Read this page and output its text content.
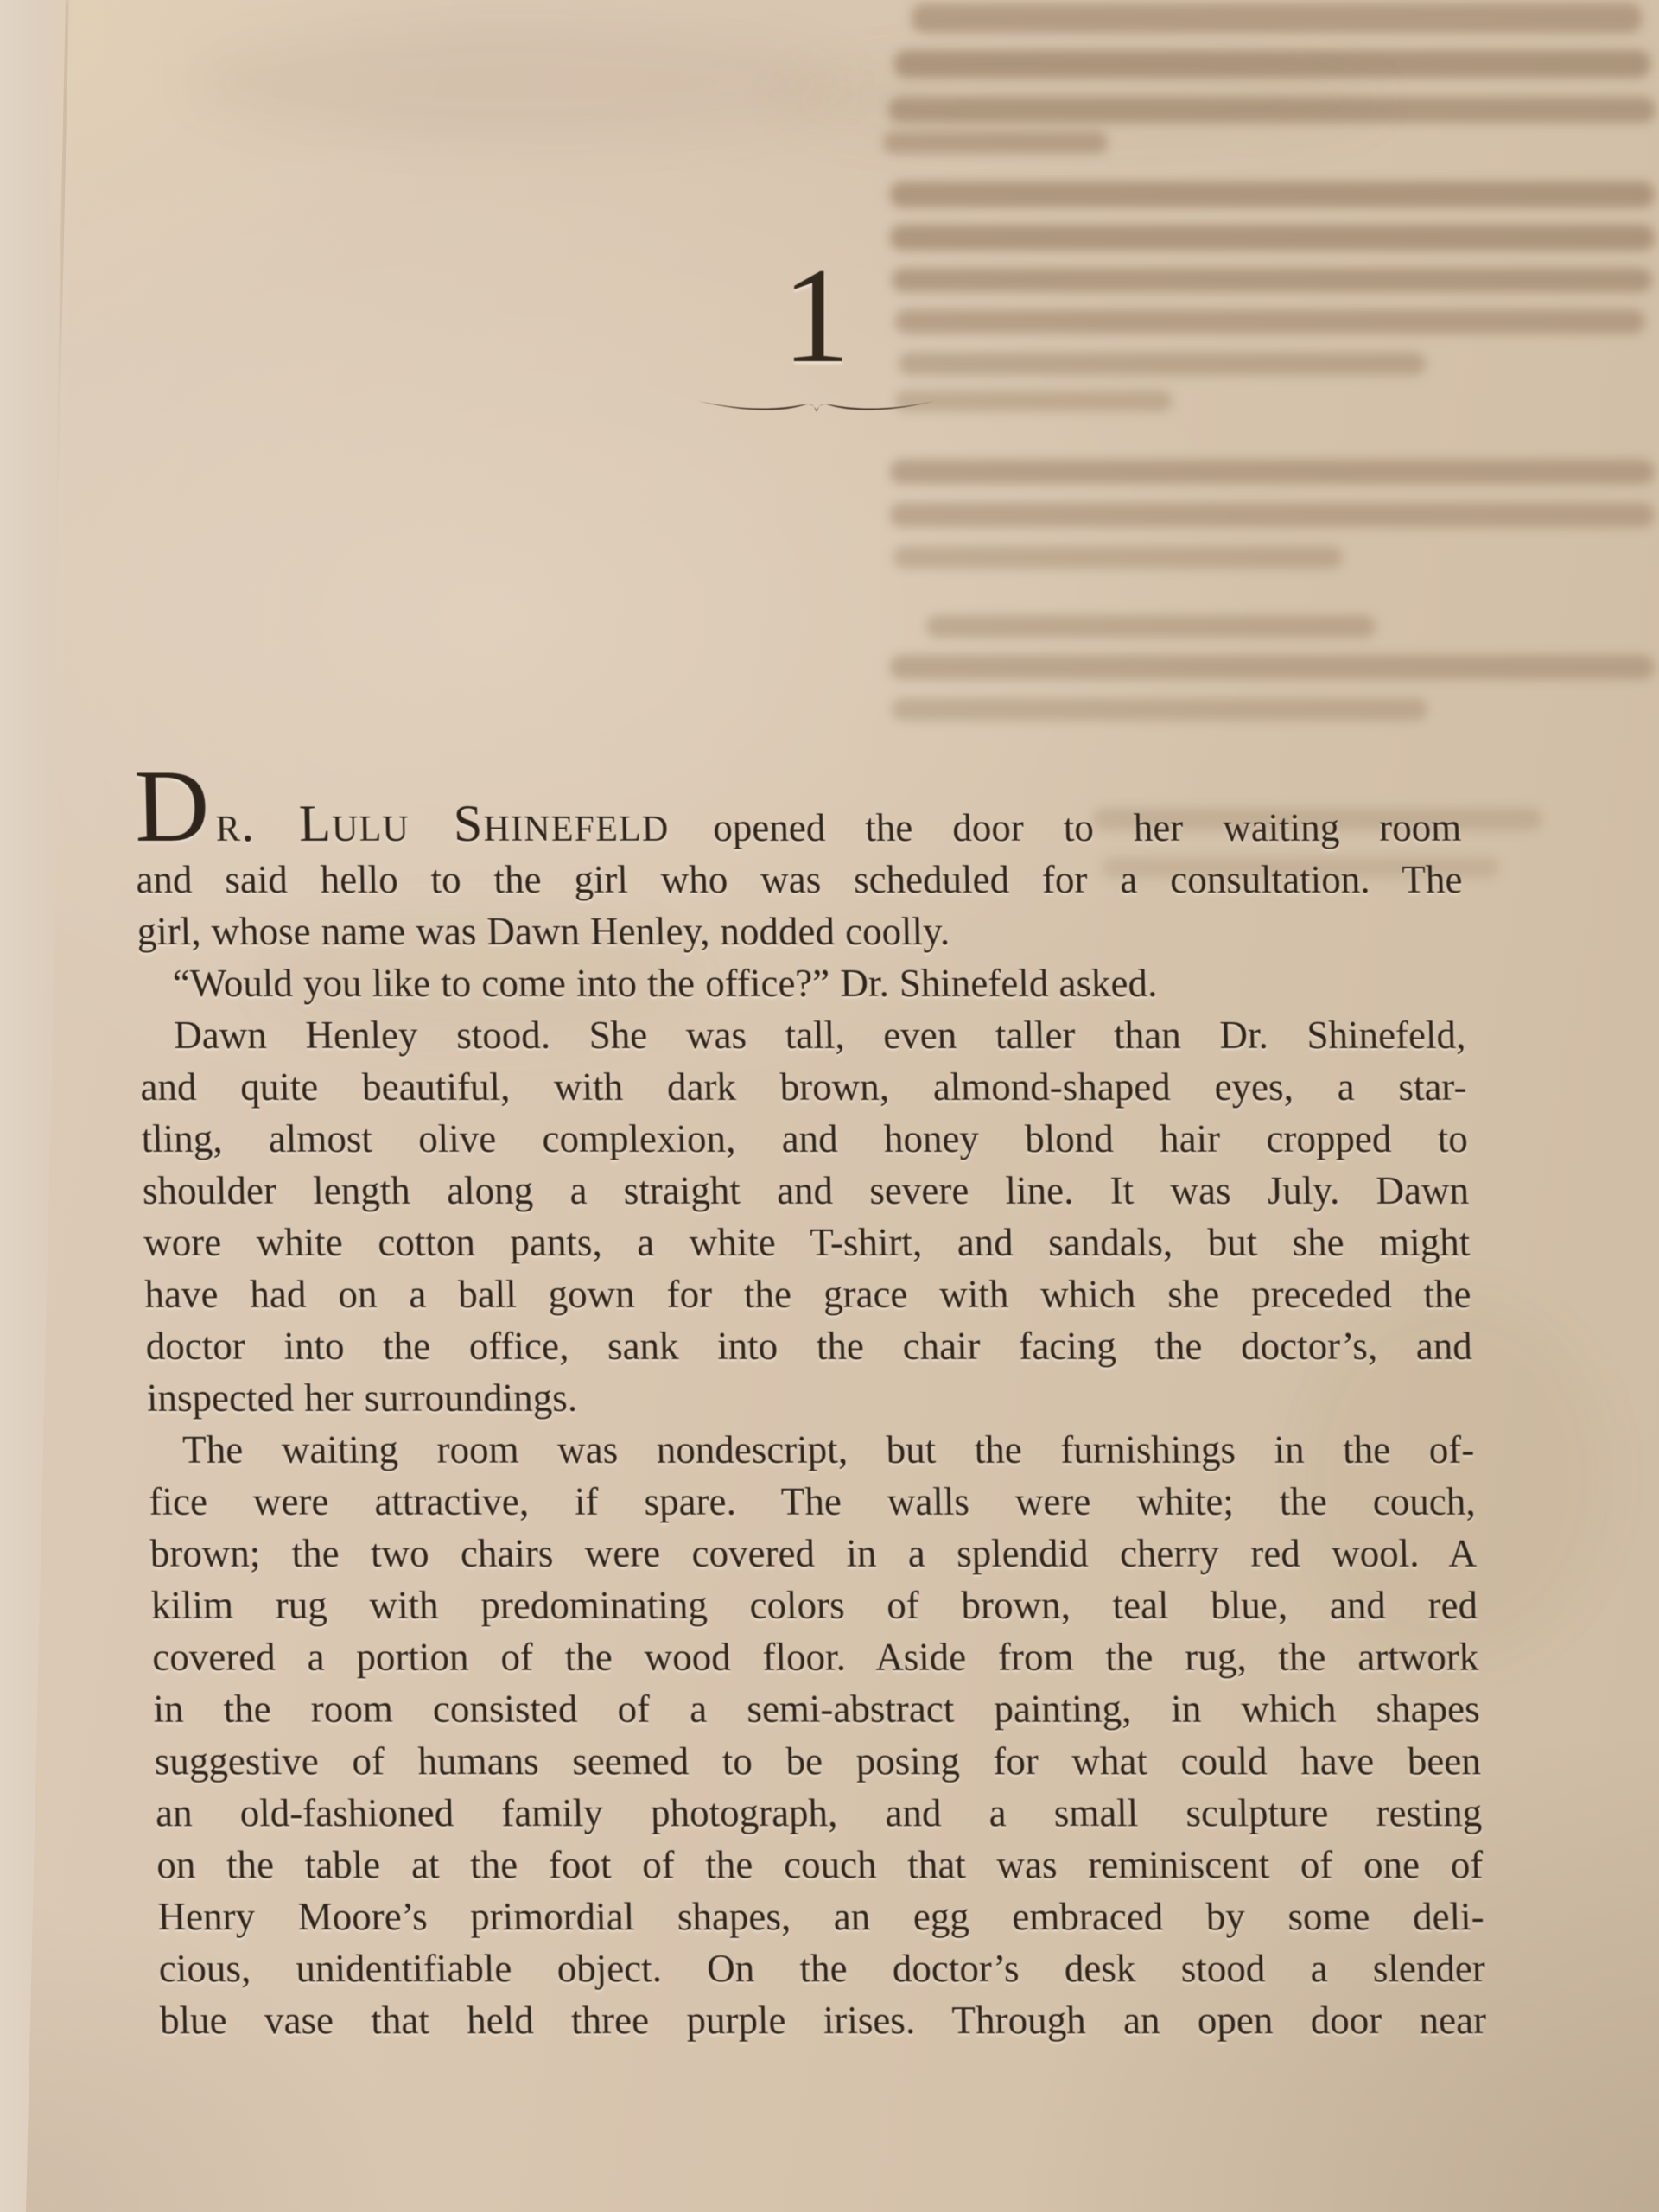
1
Dr. Lulu Shinefeld opened the door to her waiting room
and said hello to the girl who was scheduled for a consultation. The
girl, whose name was Dawn Henley, nodded coolly.
“Would you like to come into the office?” Dr. Shinefeld asked.
Dawn Henley stood. She was tall, even taller than Dr. Shinefeld,
and quite beautiful, with dark brown, almond-shaped eyes, a star-
tling, almost olive complexion, and honey blond hair cropped to
shoulder length along a straight and severe line. It was July. Dawn
wore white cotton pants, a white T-shirt, and sandals, but she might
have had on a ball gown for the grace with which she preceded the
doctor into the office, sank into the chair facing the doctor’s, and
inspected her surroundings.
The waiting room was nondescript, but the furnishings in the of-
fice were attractive, if spare. The walls were white; the couch,
brown; the two chairs were covered in a splendid cherry red wool. A
kilim rug with predominating colors of brown, teal blue, and red
covered a portion of the wood floor. Aside from the rug, the artwork
in the room consisted of a semi-abstract painting, in which shapes
suggestive of humans seemed to be posing for what could have been
an old-fashioned family photograph, and a small sculpture resting
on the table at the foot of the couch that was reminiscent of one of
Henry Moore’s primordial shapes, an egg embraced by some deli-
cious, unidentifiable object. On the doctor’s desk stood a slender
blue vase that held three purple irises. Through an open door near
